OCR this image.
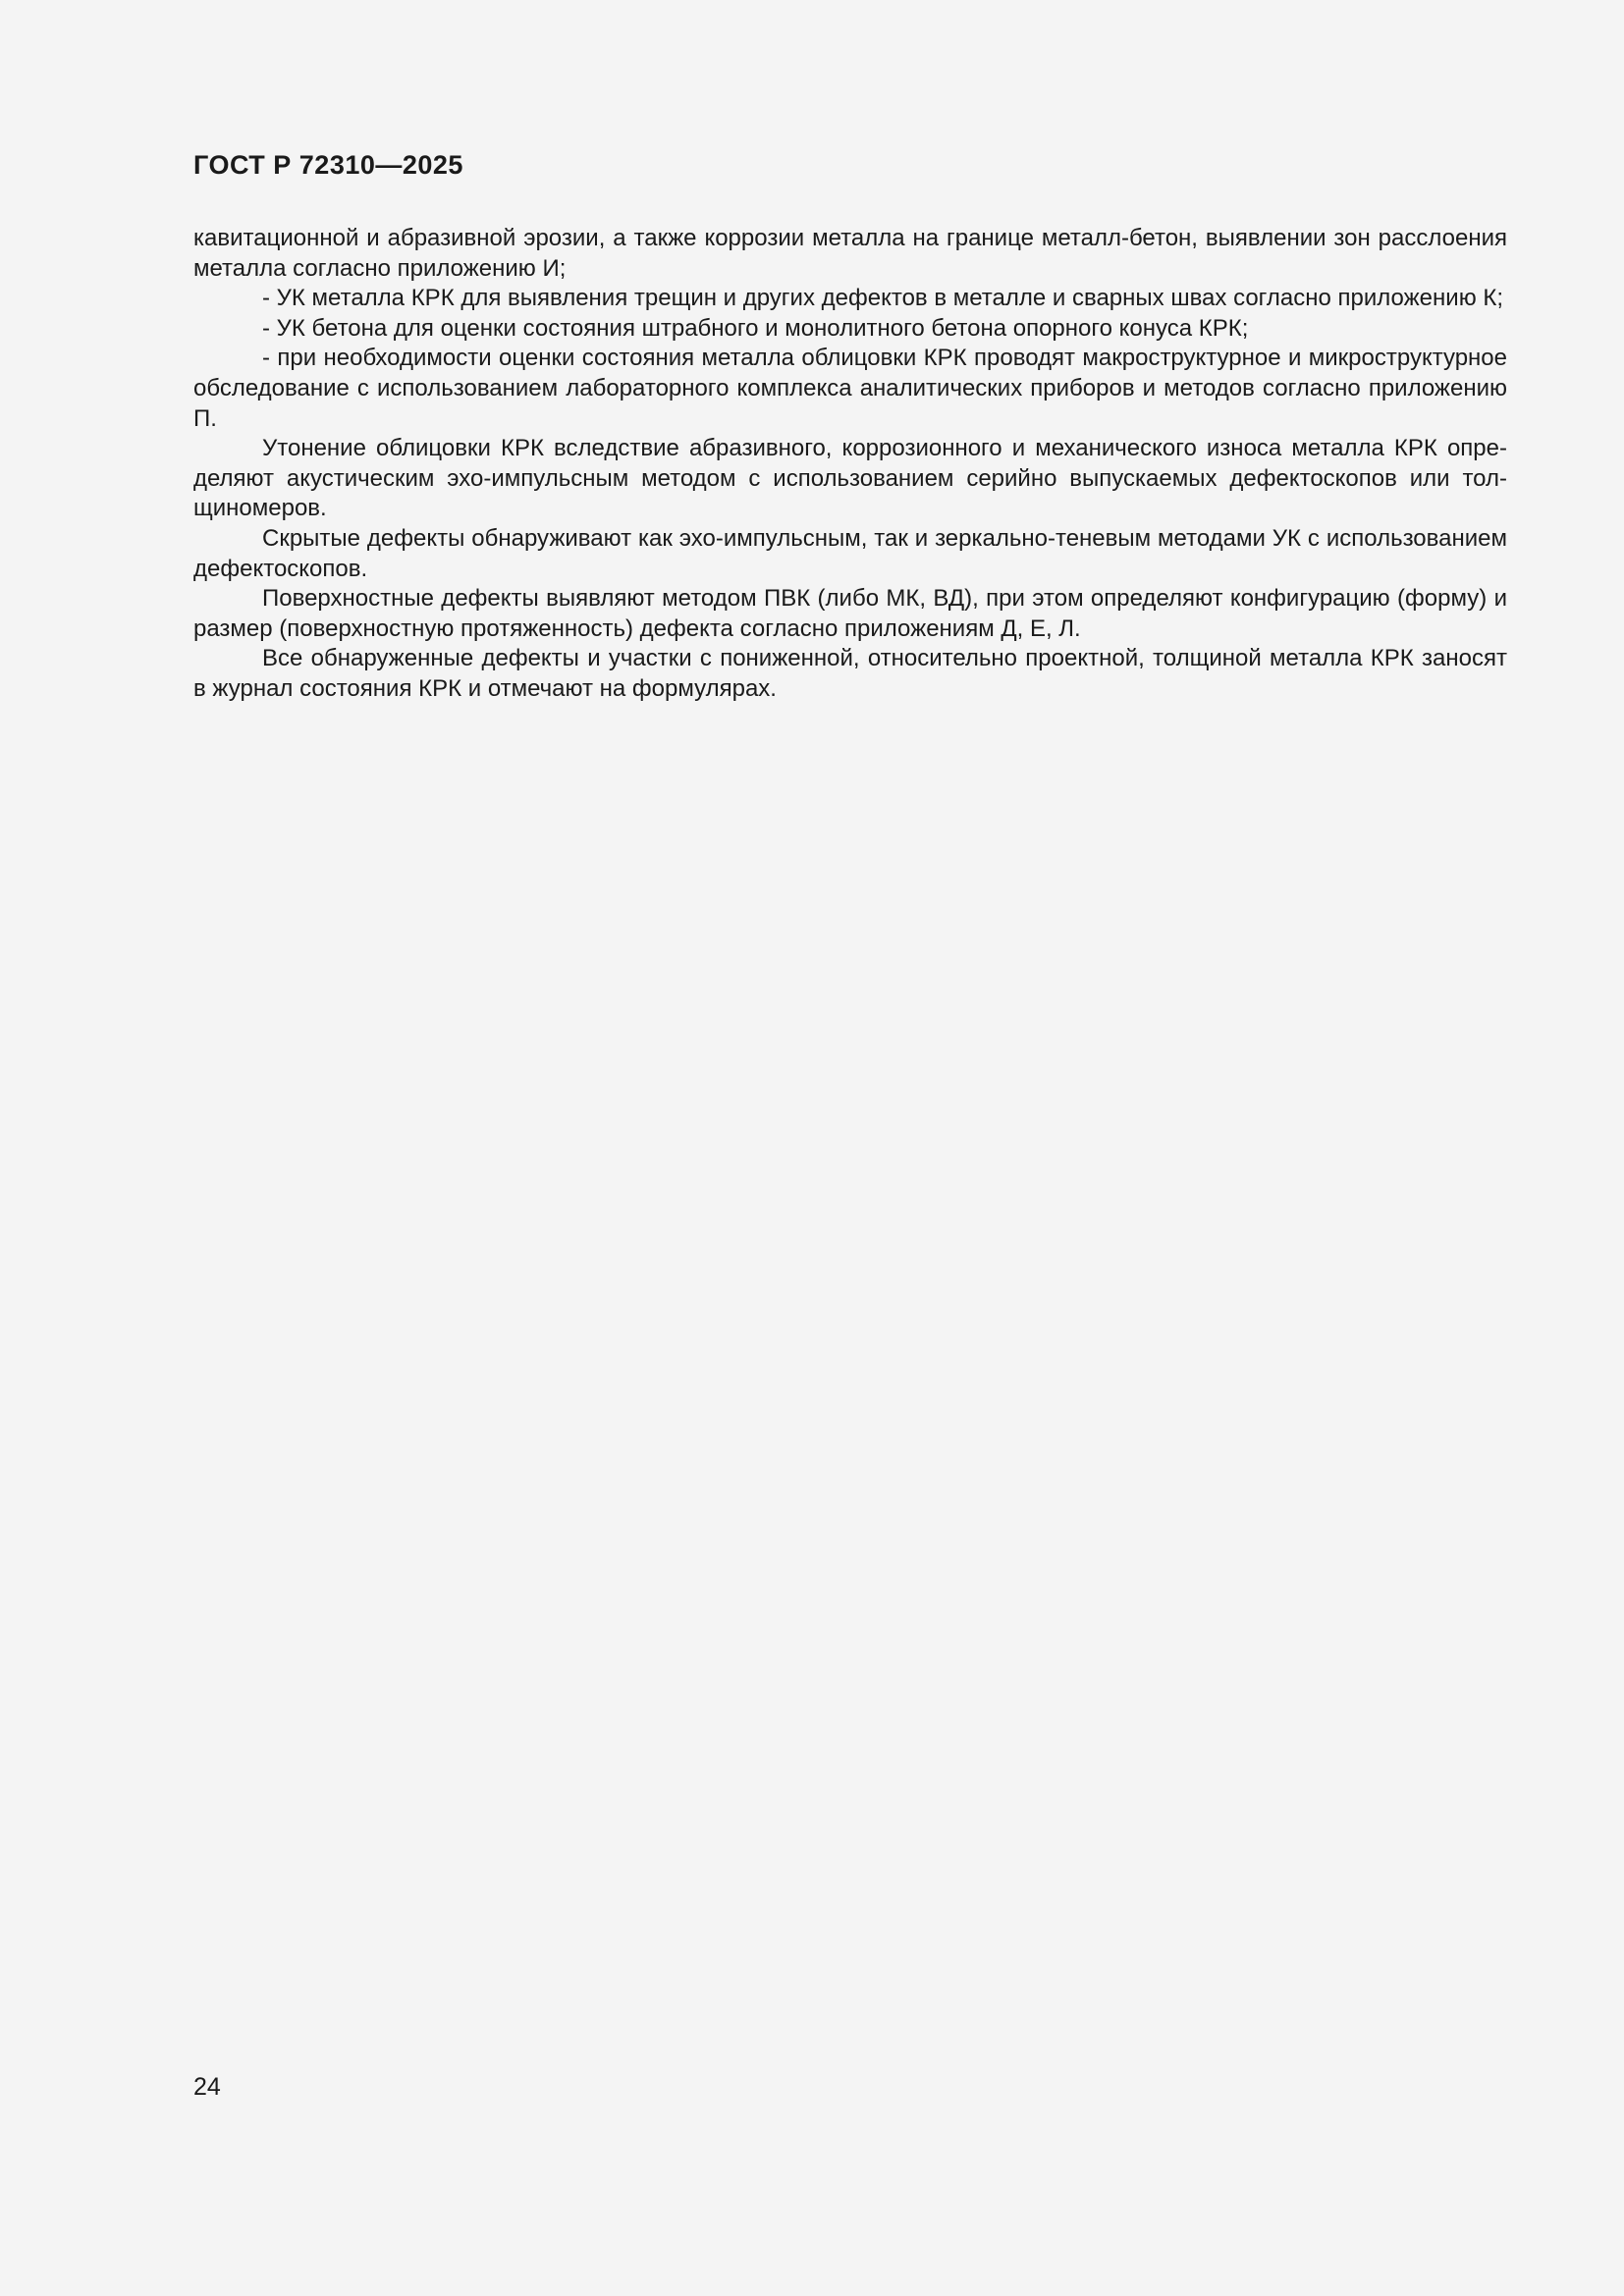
ГОСТ Р 72310—2025

кавитационной и абразивной эрозии, а также коррозии металла на границе металл-бетон, выявлении зон расслоения металла согласно приложению И;

- УК металла КРК для выявления трещин и других дефектов в металле и сварных швах согласно приложению К;

- УК бетона для оценки состояния штрабного и монолитного бетона опорного конуса КРК;

- при необходимости оценки состояния металла облицовки КРК проводят макроструктурное и микроструктурное обследование с использованием лабораторного комплекса аналитических приборов и методов согласно приложению П.

Утонение облицовки КРК вследствие абразивного, коррозионного и механического износа металла КРК определяют акустическим эхо-импульсным методом с использованием серийно выпускаемых дефектоскопов или толщиномеров.

Скрытые дефекты обнаруживают как эхо-импульсным, так и зеркально-теневым методами УК с использованием дефектоскопов.

Поверхностные дефекты выявляют методом ПВК (либо МК, ВД), при этом определяют конфигурацию (форму) и размер (поверхностную протяженность) дефекта согласно приложениям Д, Е, Л.

Все обнаруженные дефекты и участки с пониженной, относительно проектной, толщиной металла КРК заносят в журнал состояния КРК и отмечают на формулярах.

24
